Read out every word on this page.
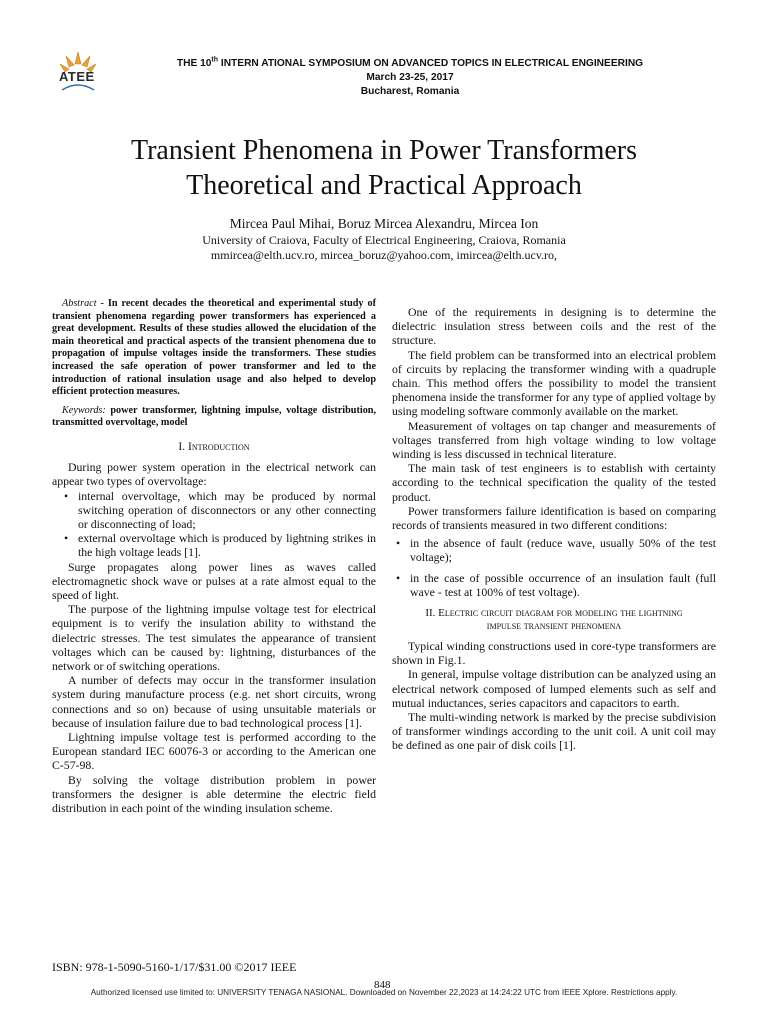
ATEE
THE 10th INTERN ATIONAL SYMPOSIUM ON ADVANCED TOPICS IN ELECTRICAL ENGINEERING
March 23-25, 2017
Bucharest, Romania
Transient Phenomena in Power Transformers
Theoretical and Practical Approach
Mircea Paul Mihai, Boruz Mircea Alexandru, Mircea Ion
University of Craiova, Faculty of Electrical Engineering, Craiova, Romania
mmircea@elth.ucv.ro, mircea_boruz@yahoo.com, imircea@elth.ucv.ro,

Abstract - In recent decades the theoretical and experimental study of transient phenomena regarding power transformers has experienced a great development. Results of these studies allowed the elucidation of the main theoretical and practical aspects of the transient phenomena due to propagation of impulse voltages inside the transformers. These studies increased the safe operation of power transformer and led to the introduction of rational insulation usage and also helped to develop efficient protection measures.

Keywords: power transformer, lightning impulse, voltage distribution, transmitted overvoltage, model

I. Introduction

During power system operation in the electrical network can appear two types of overvoltage:

• internal overvoltage, which may be produced by normal switching operation of disconnectors or any other connecting or disconnecting of load;
• external overvoltage which is produced by lightning strikes in the high voltage leads [1].

Surge propagates along power lines as waves called electromagnetic shock wave or pulses at a rate almost equal to the speed of light.

The purpose of the lightning impulse voltage test for electrical equipment is to verify the insulation ability to withstand the dielectric stresses. The test simulates the appearance of transient voltages which can be caused by: lightning, disturbances of the network or of switching operations.

A number of defects may occur in the transformer insulation system during manufacture process (e.g. net short circuits, wrong connections and so on) because of using unsuitable materials or because of insulation failure due to bad technological process [1].

Lightning impulse voltage test is performed according to the European standard IEC 60076-3 or according to the American one C-57-98.

By solving the voltage distribution problem in power transformers the designer is able determine the electric field distribution in each point of the winding insulation scheme.

One of the requirements in designing is to determine the dielectric insulation stress between coils and the rest of the structure.

The field problem can be transformed into an electrical problem of circuits by replacing the transformer winding with a quadruple chain. This method offers the possibility to model the transient phenomena inside the transformer for any type of applied voltage by using modeling software commonly available on the market.

Measurement of voltages on tap changer and measurements of voltages transferred from high voltage winding to low voltage winding is less discussed in technical literature.

The main task of test engineers is to establish with certainty according to the technical specification the quality of the tested product.

Power transformers failure identification is based on comparing records of transients measured in two different conditions:

• in the absence of fault (reduce wave, usually 50% of the test voltage);
• in the case of possible occurrence of an insulation fault (full wave - test at 100% of test voltage).
II. Electric circuit diagram for modeling the lightning
impulse transient phenomena

Typical winding constructions used in core-type transformers are shown in Fig.1.

In general, impulse voltage distribution can be analyzed using an electrical network composed of lumped elements such as self and mutual inductances, series capacitors and capacitors to earth.

The multi-winding network is marked by the precise subdivision of transformer windings according to the unit coil. A unit coil may be defined as one pair of disk coils [1].

ISBN: 978-1-5090-5160-1/17/$31.00 ©2017 IEEE
848
Authorized licensed use limited to: UNIVERSITY TENAGA NASIONAL. Downloaded on November 22,2023 at 14:24:22 UTC from IEEE Xplore. Restrictions apply.
